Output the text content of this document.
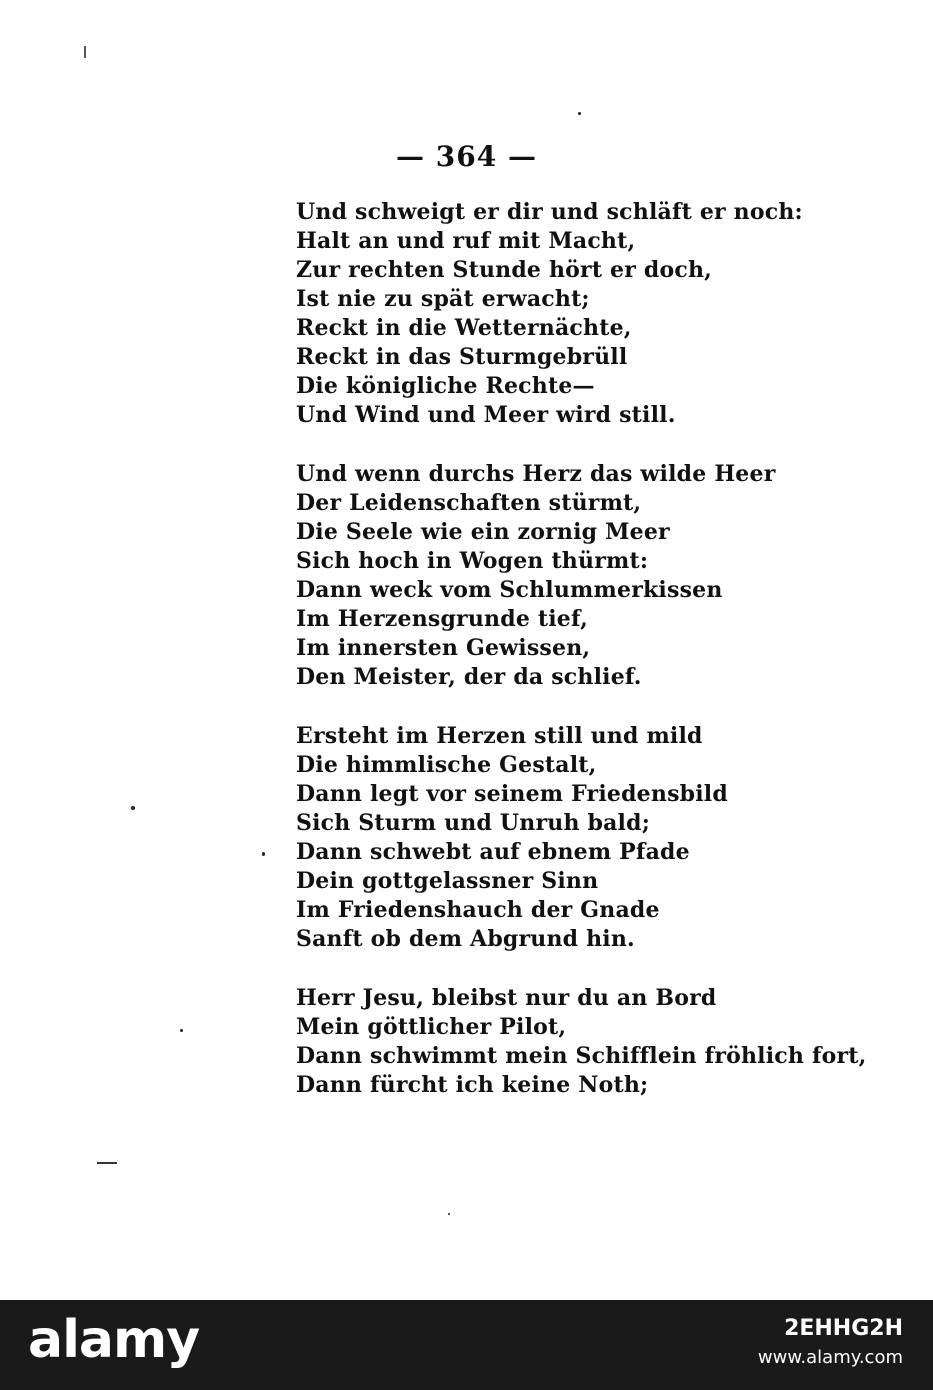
— 364 —
Und schweigt er dir und schläft er noch:
Halt an und ruf mit Macht,
Zur rechten Stunde hört er doch,
Ist nie zu spät erwacht;
Reckt in die Wetternächte,
Reckt in das Sturmgebrüll
Die königliche Rechte—
Und Wind und Meer wird still.
Und wenn durchs Herz das wilde Heer
Der Leidenschaften stürmt,
Die Seele wie ein zornig Meer
Sich hoch in Wogen thürmt:
Dann weck vom Schlummerkissen
Im Herzensgrunde tief,
Im innersten Gewissen,
Den Meister, der da schlief.
Ersteht im Herzen still und mild
Die himmlische Gestalt,
Dann legt vor seinem Friedensbild
Sich Sturm und Unruh bald;
Dann schwebt auf ebnem Pfade
Dein gottgelassner Sinn
Im Friedenshauch der Gnade
Sanft ob dem Abgrund hin.
Herr Jesu, bleibst nur du an Bord
Mein göttlicher Pilot,
Dann schwimmt mein Schifflein fröhlich fort,
Dann fürcht ich keine Noth;
alamy	2EHHG2H
www.alamy.com
